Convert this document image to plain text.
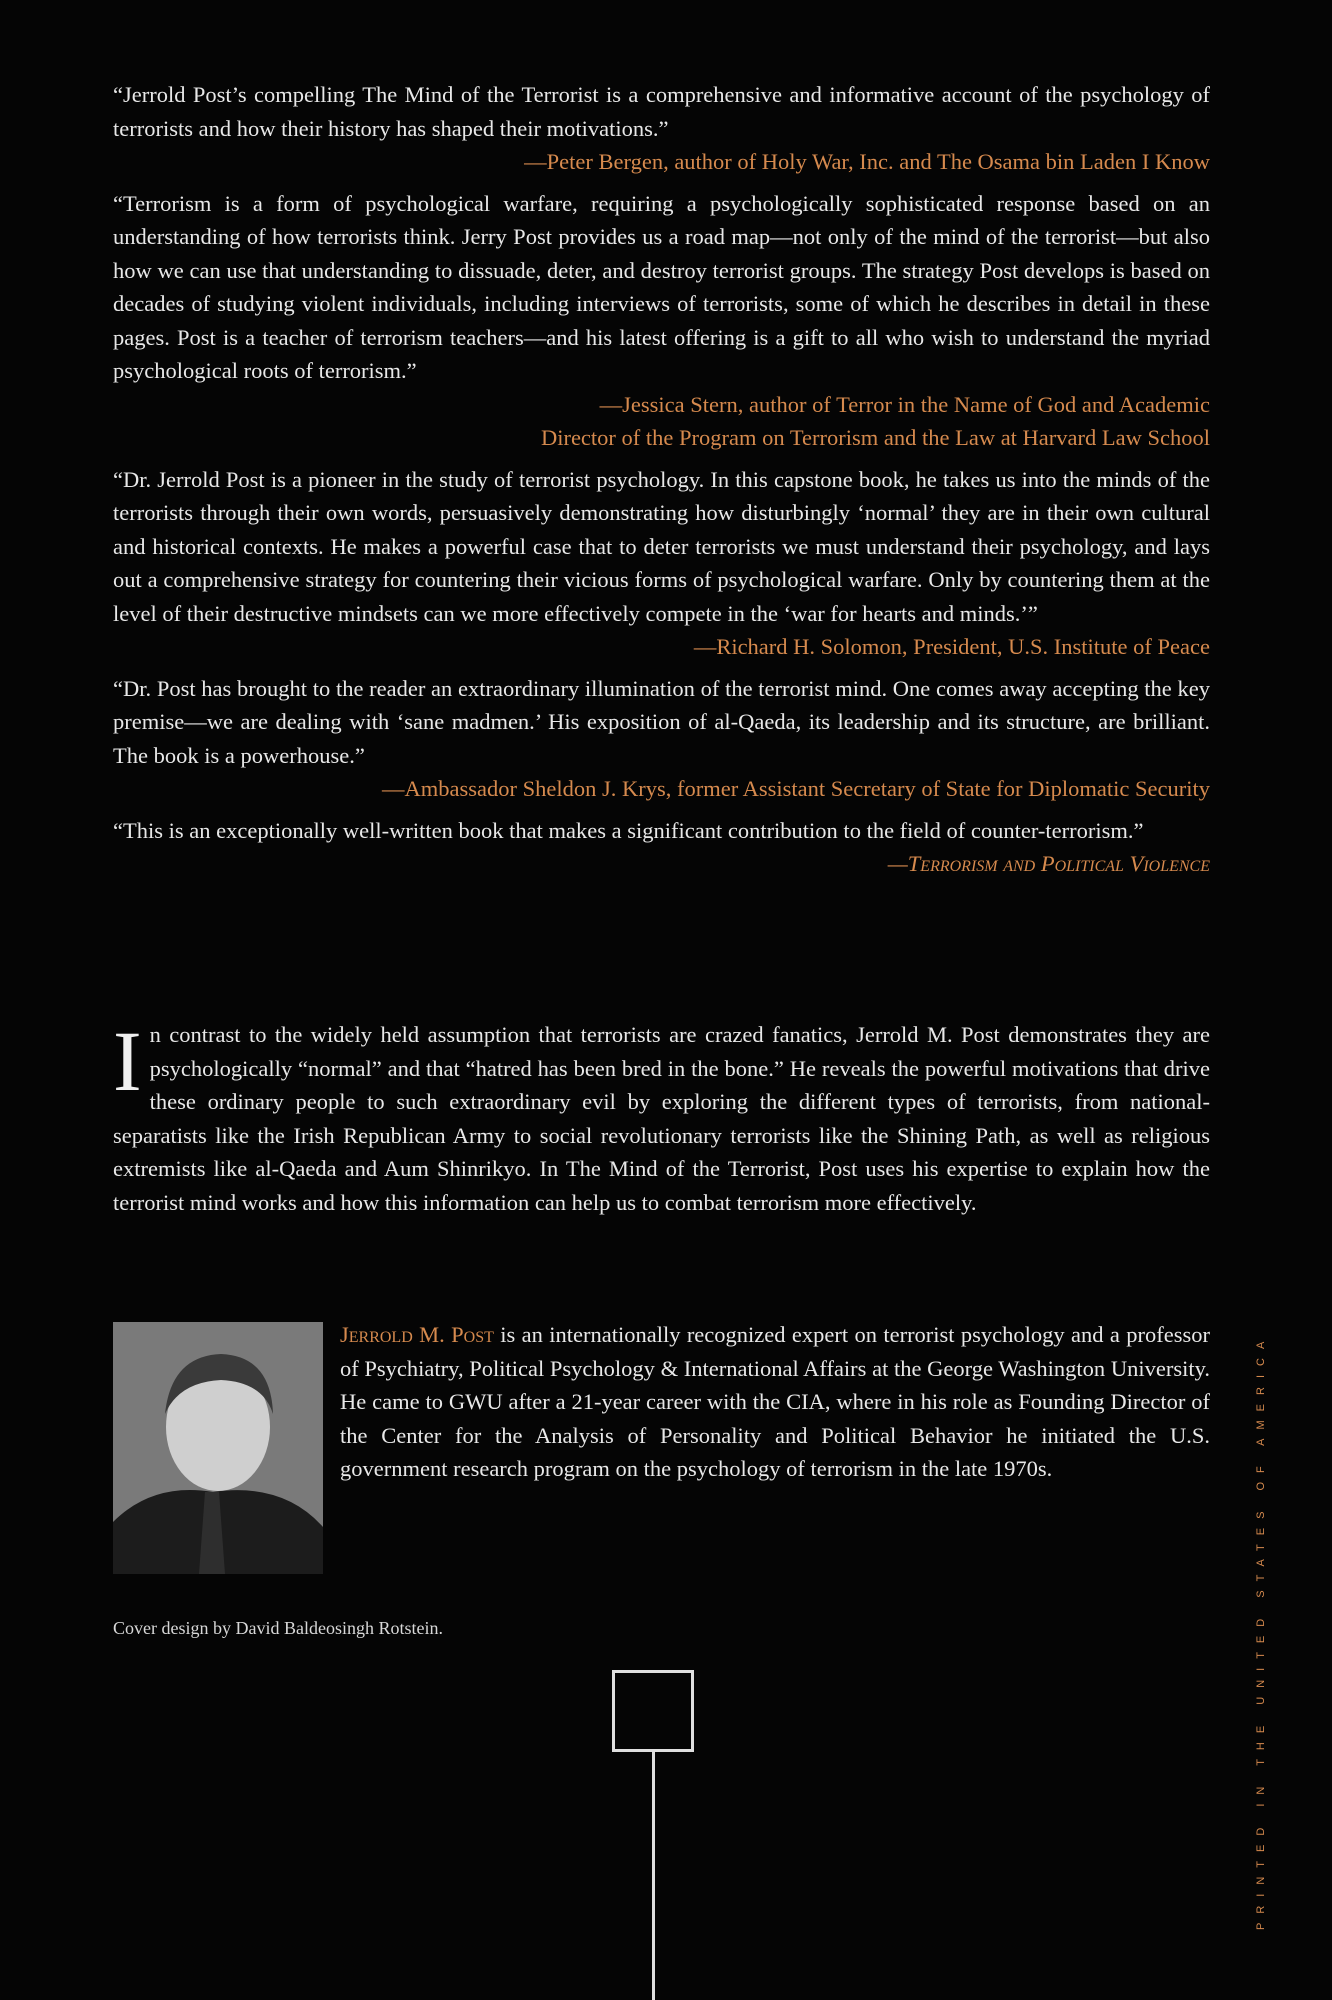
“Jerrold Post’s compelling The Mind of the Terrorist is a comprehensive and informative account of the psychology of terrorists and how their history has shaped their motivations.”

—Peter Bergen, author of Holy War, Inc. and The Osama bin Laden I Know

“Terrorism is a form of psychological warfare, requiring a psychologically sophisticated response based on an understanding of how terrorists think. Jerry Post provides us a road map—not only of the mind of the terrorist—but also how we can use that understanding to dissuade, deter, and destroy terrorist groups. The strategy Post develops is based on decades of studying violent individuals, including interviews of terrorists, some of which he describes in detail in these pages. Post is a teacher of terrorism teachers—and his latest offering is a gift to all who wish to understand the myriad psychological roots of terrorism.”

—Jessica Stern, author of Terror in the Name of God and Academic
Director of the Program on Terrorism and the Law at Harvard Law School

“Dr. Jerrold Post is a pioneer in the study of terrorist psychology. In this capstone book, he takes us into the minds of the terrorists through their own words, persuasively demonstrating how disturbingly ‘normal’ they are in their own cultural and historical contexts. He makes a powerful case that to deter terrorists we must understand their psychology, and lays out a comprehensive strategy for countering their vicious forms of psychological warfare. Only by countering them at the level of their destructive mindsets can we more effectively compete in the ‘war for hearts and minds.’”

—Richard H. Solomon, President, U.S. Institute of Peace

“Dr. Post has brought to the reader an extraordinary illumination of the terrorist mind. One comes away accepting the key premise—we are dealing with ‘sane madmen.’ His exposition of al-Qaeda, its leadership and its structure, are brilliant. The book is a powerhouse.”

—Ambassador Sheldon J. Krys, former Assistant Secretary of State for Diplomatic Security

“This is an exceptionally well-written book that makes a significant contribution to the field of counter-terrorism.”

—Terrorism and Political Violence
In contrast to the widely held assumption that terrorists are crazed fanatics, Jerrold M. Post demonstrates they are psychologically “normal” and that “hatred has been bred in the bone.” He reveals the powerful motivations that drive these ordinary people to such extraordinary evil by exploring the different types of terrorists, from national-separatists like the Irish Republican Army to social revolutionary terrorists like the Shining Path, as well as religious extremists like al-Qaeda and Aum Shinrikyo. In The Mind of the Terrorist, Post uses his expertise to explain how the terrorist mind works and how this information can help us to combat terrorism more effectively.
Jerrold M. Post is an internationally recognized expert on terrorist psychology and a professor of Psychiatry, Political Psychology & International Affairs at the George Washington University. He came to GWU after a 21-year career with the CIA, where in his role as Founding Director of the Center for the Analysis of Personality and Political Behavior he initiated the U.S. government research program on the psychology of terrorism in the late 1970s.
Cover design by David Baldeosingh Rotstein.	PRINTED IN THE UNITED STATES OF AMERICA
